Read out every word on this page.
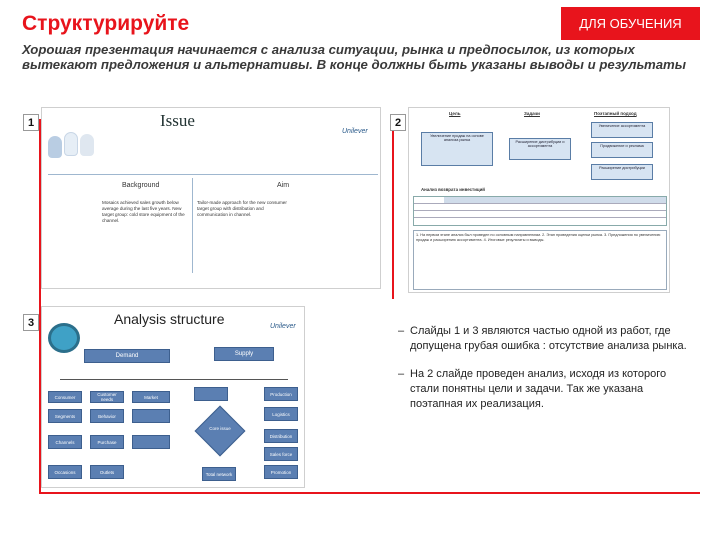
Структурируйте	ДЛЯ ОБУЧЕНИЯ
Хорошая презентация начинается с анализа ситуации, рынка и предпосылок, из которых вытекают предложения и альтернативы. В конце должны быть указаны выводы и результаты
Issue
Unilever
Background	Aim
Mosaics achieved sales growth below average during the last five years. New target group: cold store equipment of the channel.
Tailor-made approach for the new consumer target group with distribution and communication in channel.
1
Цель	Задачи	Поэтапный подход
Увеличение продаж на основе анализа рынка	Расширение дистрибуции и ассортимента
Увеличение ассортимента
Продвижение и реклама
Расширение дистрибуции
Анализ возврата инвестиций
1. На первом этапе анализ был проведен по основным направлениям. 2. Этап проведения оценки рынка. 3. Предложения по увеличению продаж и расширению ассортимента. 4. Итоговые результаты и выводы.
2
Analysis structure	Unilever
Demand	Supply
Market
Consumer
Segments
Channels
Occasions
Customer needs
Behavior
Purchase
Outlets
Core issue
Total network
Production
Logistics
Distribution
Sales force
Promotion
3
– Слайды 1 и 3 являются частью одной из работ, где допущена грубая ошибка : отсутствие анализа рынка.
– На 2 слайде проведен анализ, исходя из которого стали понятны цели и задачи. Так же указана поэтапная их реализация.
